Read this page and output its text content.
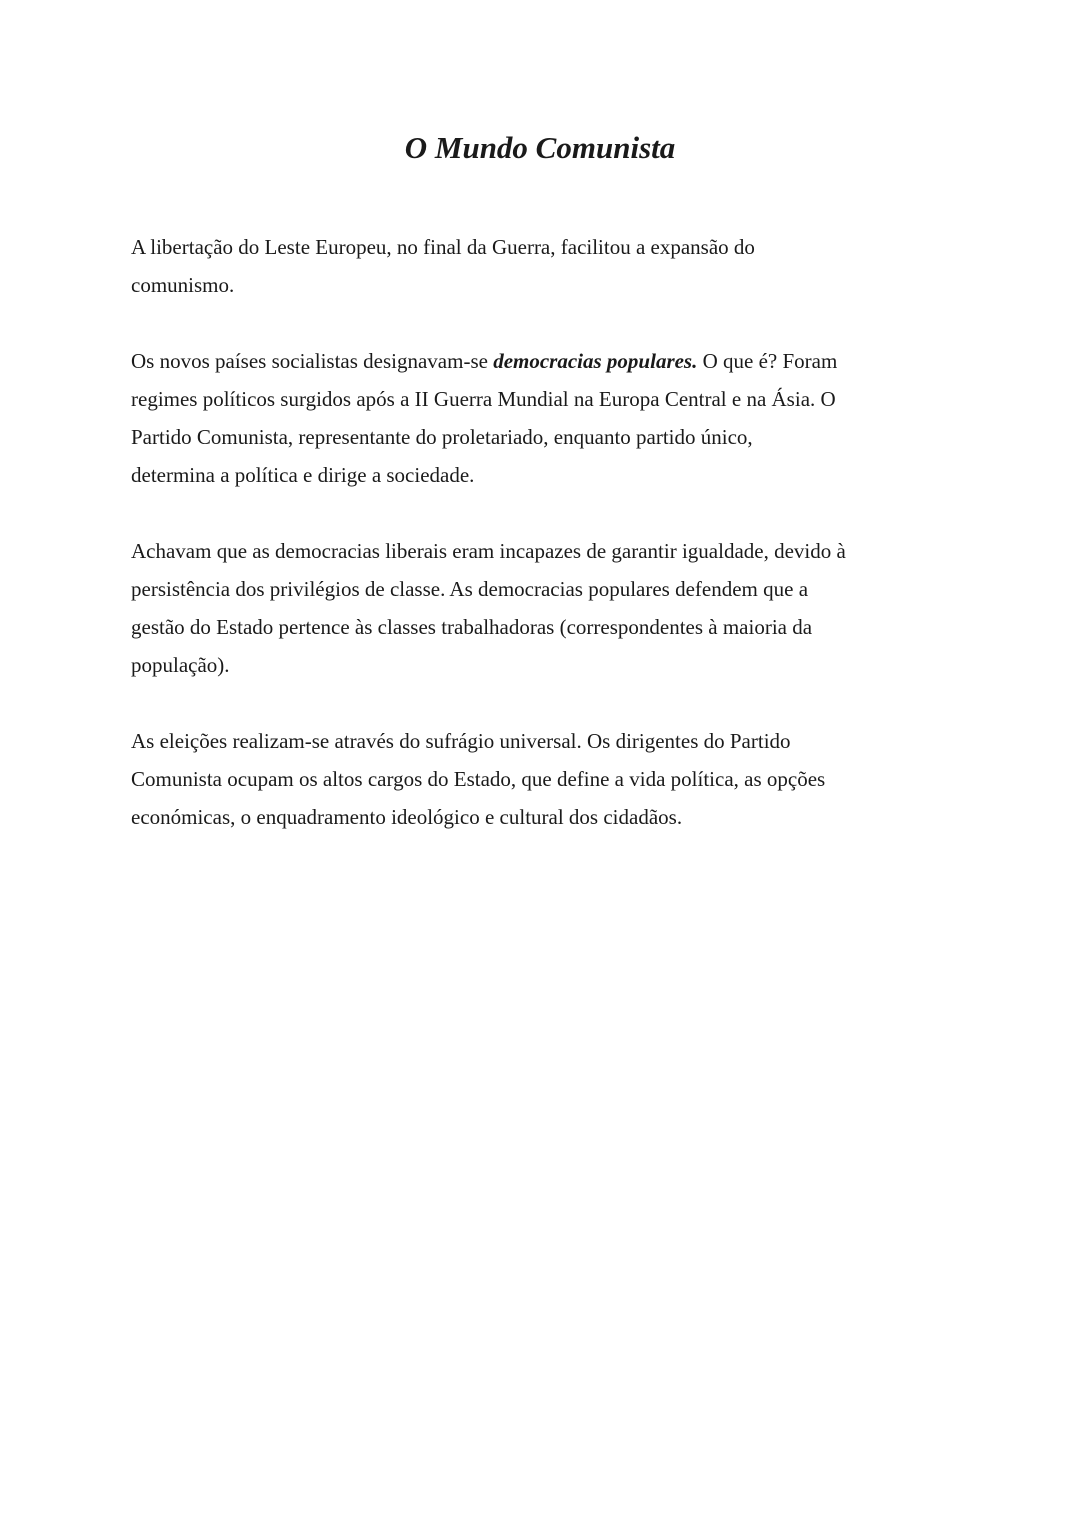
O Mundo Comunista

A libertação do Leste Europeu, no final da Guerra, facilitou a expansão do
comunismo.

Os novos países socialistas designavam-se democracias populares. O que é? Foram
regimes políticos surgidos após a II Guerra Mundial na Europa Central e na Ásia. O
Partido Comunista, representante do proletariado, enquanto partido único,
determina a política e dirige a sociedade.

Achavam que as democracias liberais eram incapazes de garantir igualdade, devido à
persistência dos privilégios de classe. As democracias populares defendem que a
gestão do Estado pertence às classes trabalhadoras (correspondentes à maioria da
população).

As eleições realizam-se através do sufrágio universal. Os dirigentes do Partido
Comunista ocupam os altos cargos do Estado, que define a vida política, as opções
económicas, o enquadramento ideológico e cultural dos cidadãos.
